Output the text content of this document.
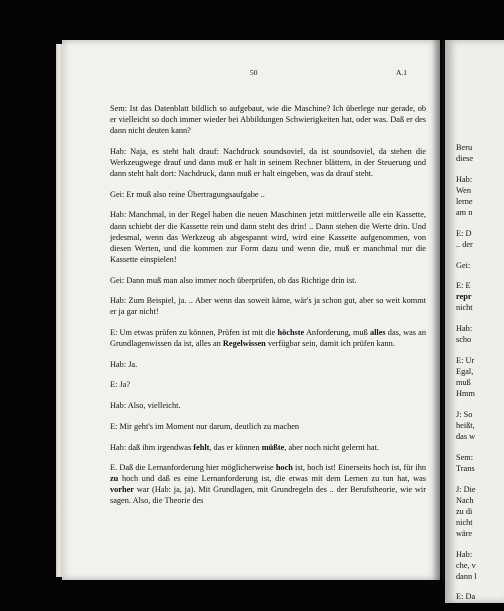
50	A.1

Sem: Ist das Datenblatt bildlich so aufgebaut, wie die Maschine? Ich überlege nur gerade, ob er vielleicht so doch immer wieder bei Abbildungen Schwierigkeiten hat, oder was. Daß er des dann nicht deuten kann?

Hab: Naja, es steht halt drauf: Nachdruck soundsoviel, da ist soundsoviel, da stehen die Werkzeugwege drauf und dann muß er halt in seinem Rechner blättern, in der Steuerung und dann steht halt dort: Nachdruck, dann muß er halt eingeben, was da drauf steht.

Gei: Er muß also reine Übertragungsaufgabe ..

Hab: Manchmal, in der Regel haben die neuen Maschinen jetzt mittlerweile alle ein Kassette, dann schiebt der die Kassette rein und dann steht des drin! .. Dann stehen die Werte drin. Und jedesmal, wenn das Werkzeug ab abgespannt wird, wird eine Kassette aufgenommen, von diesen Werten, und die kommen zur Form dazu und wenn die, muß er manchmal nur die Kassette einspielen!

Gei: Dann muß man also immer noch überprüfen, ob das Richtige drin ist.

Hab: Zum Beispiel, ja. .. Aber wenn das soweit käme, wär's ja schon gut, aber so weit kommt er ja gar nicht!

E: Um etwas prüfen zu können, Prüfen ist mit die höchste Anforderung, muß alles das, was an Grundlagenwissen da ist, alles an Regelwissen verfügbar sein, damit ich prüfen kann.

Hab: Ja.

E: Ja?

Hab: Also, vielleicht.

E: Mir geht's im Moment nur darum, deutlich zu machen

Hab: daß ihm irgendwas fehlt, das er können müßte, aber noch nicht gelernt hat.

E. Daß die Lernanforderung hier möglicherweise hoch ist, hoch ist! Einerseits hoch ist, für ihn zu hoch und daß es eine Lernanforderung ist, die etwas mit dem Lernen zu tun hat, was vorher war (Hab: ja, ja). Mit Grundlagen, mit Grundregeln des .. der Berufstheorie, wie wir sagen. Also, die Theorie des

Beru
diese
Hab:
Wen
lerne
am n
E: D
.. der
Gei:
E: E
repr
nicht
Hab:
scho
E: Ur
Egal,
muß
Hmm
J: So
heißt,
das w
Sem:
Trans
J: Die
Nach
zu di
nicht
wäre
Hab:
che, v
dann l
E: Da
